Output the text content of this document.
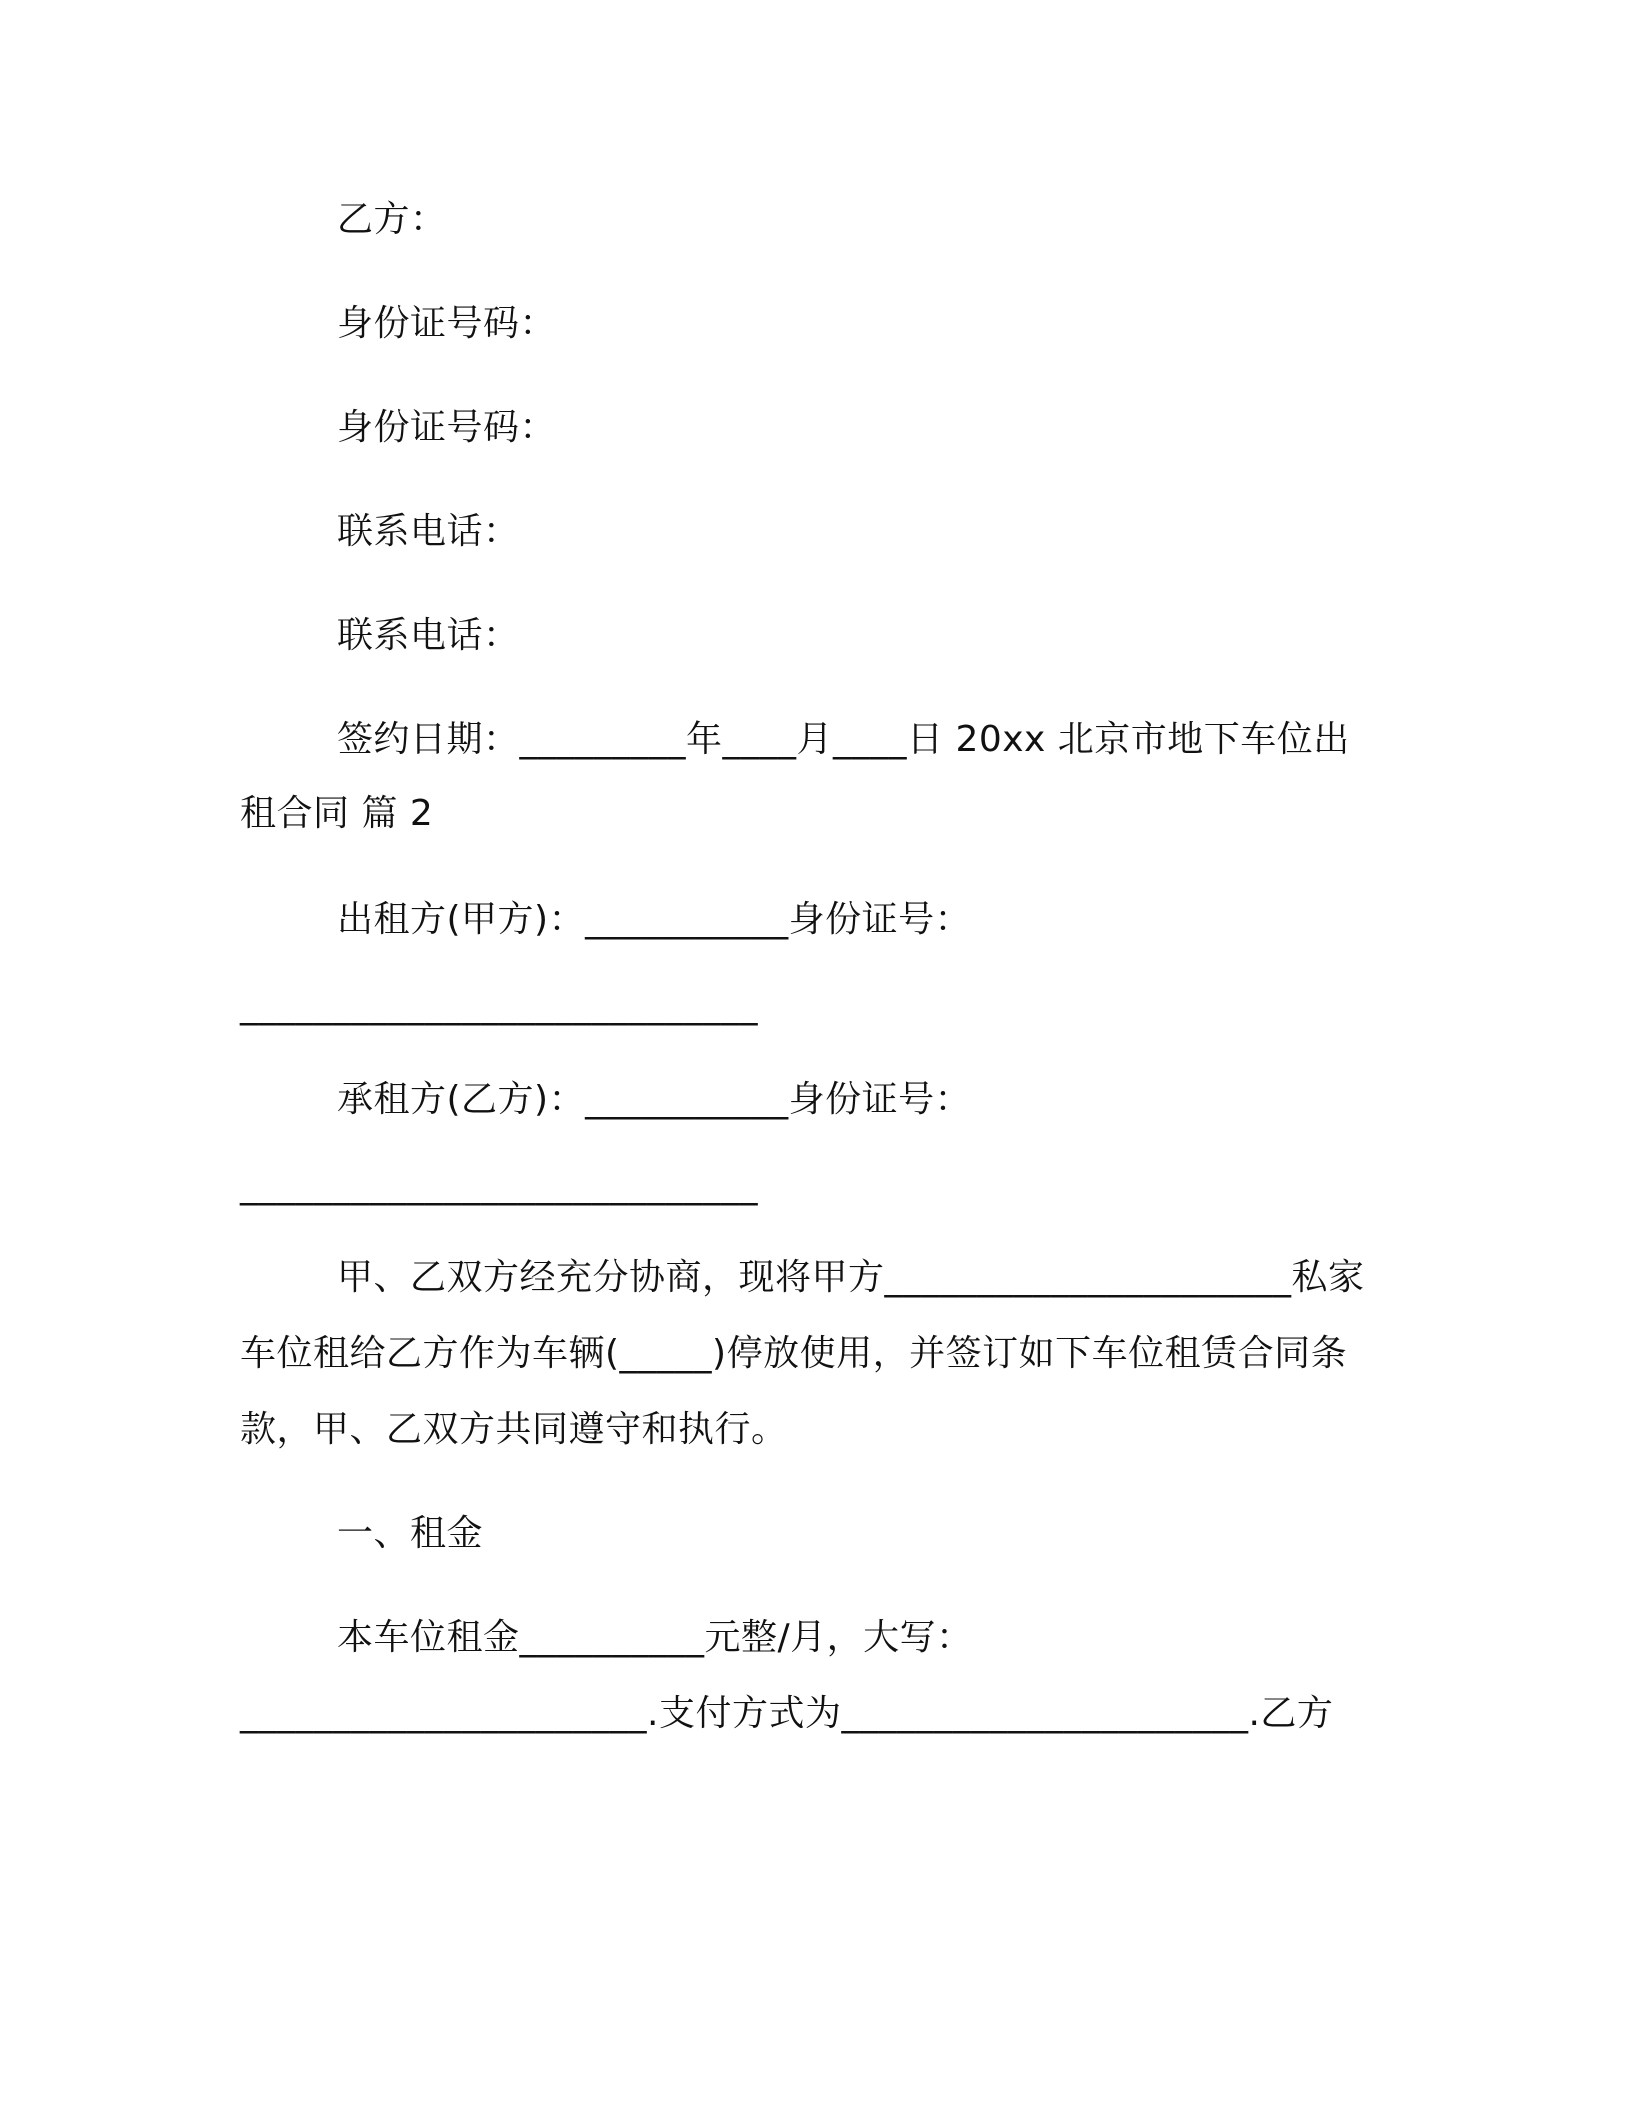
乙方：
身份证号码：
身份证号码：
联系电话：
联系电话：
签约日期：_________年____月____日 20xx 北京市地下车位出
租合同 篇 2
出租方(甲方)：___________身份证号：
____________________________
承租方(乙方)：___________身份证号：
____________________________
甲、乙双方经充分协商，现将甲方______________________私家
车位租给乙方作为车辆(_____)停放使用，并签订如下车位租赁合同条
款，甲、乙双方共同遵守和执行。
一、租金
本车位租金__________元整/月，大写：
______________________.支付方式为______________________.乙方
